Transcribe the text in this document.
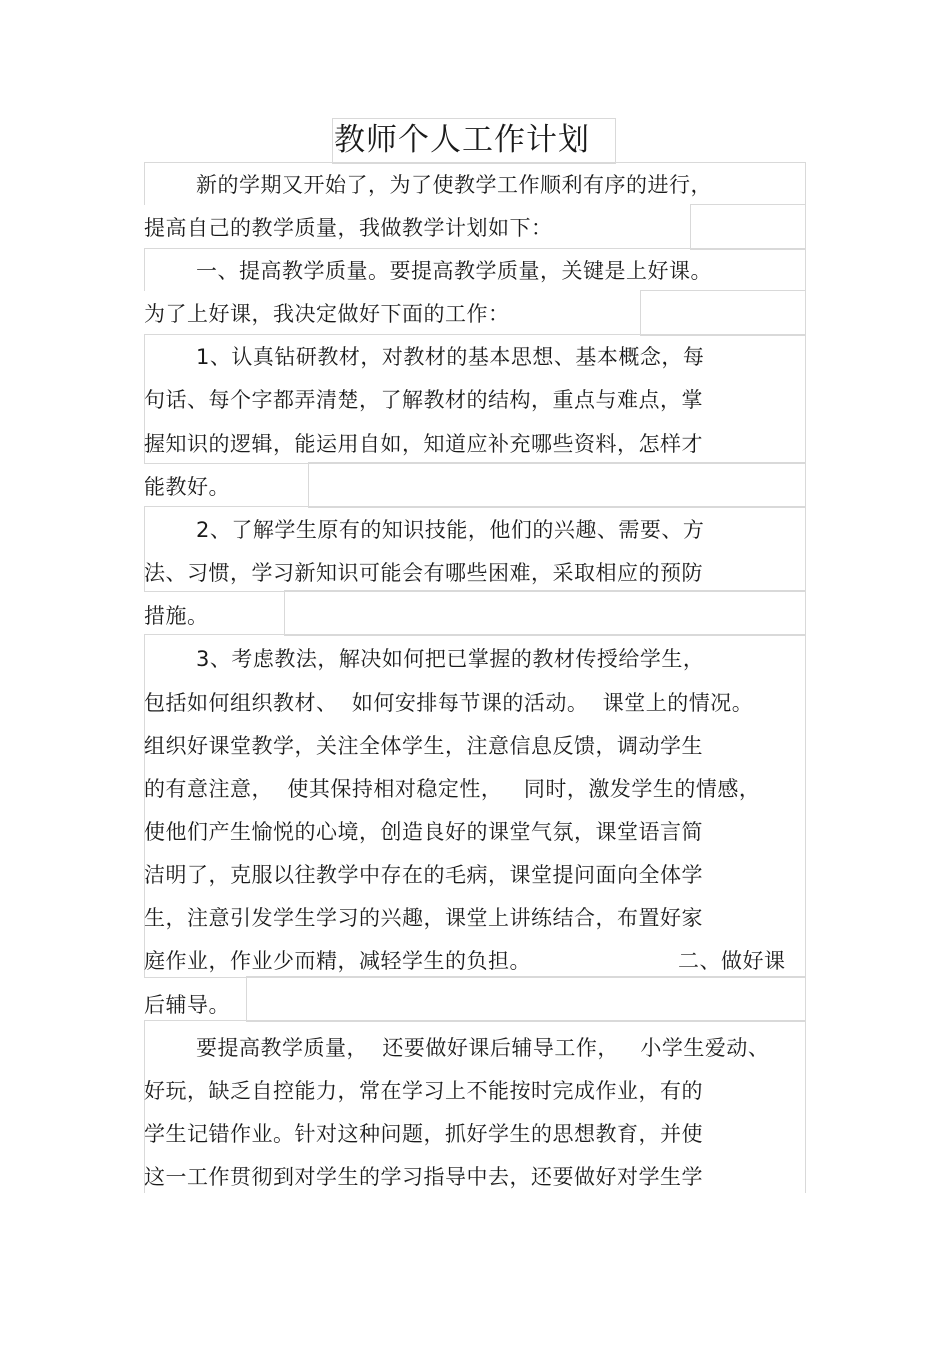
教师个人工作计划
新的学期又开始了，为了使教学工作顺利有序的进行，
提高自己的教学质量，我做教学计划如下：
一、提高教学质量。要提高教学质量，关键是上好课。
为了上好课，我决定做好下面的工作：
1、认真钻研教材，对教材的基本思想、基本概念，每
句话、每个字都弄清楚，了解教材的结构，重点与难点，掌
握知识的逻辑，能运用自如，知道应补充哪些资料，怎样才
能教好。
2、了解学生原有的知识技能，他们的兴趣、需要、方
法、习惯，学习新知识可能会有哪些困难，采取相应的预防
措施。
3、考虑教法，解决如何把已掌握的教材传授给学生，
包括如何组织教材、  如何安排每节课的活动。  课堂上的情况。
组织好课堂教学，关注全体学生，注意信息反馈，调动学生
的有意注意，  使其保持相对稳定性，   同时，激发学生的情感，
使他们产生愉悦的心境，创造良好的课堂气氛，课堂语言简
洁明了，克服以往教学中存在的毛病，课堂提问面向全体学
生，注意引发学生学习的兴趣，课堂上讲练结合，布置好家
庭作业，作业少而精，减轻学生的负担。	二、做好课
后辅导。
要提高教学质量，  还要做好课后辅导工作，   小学生爱动、
好玩，缺乏自控能力，常在学习上不能按时完成作业，有的
学生记错作业。针对这种问题，抓好学生的思想教育，并使
这一工作贯彻到对学生的学习指导中去，还要做好对学生学
